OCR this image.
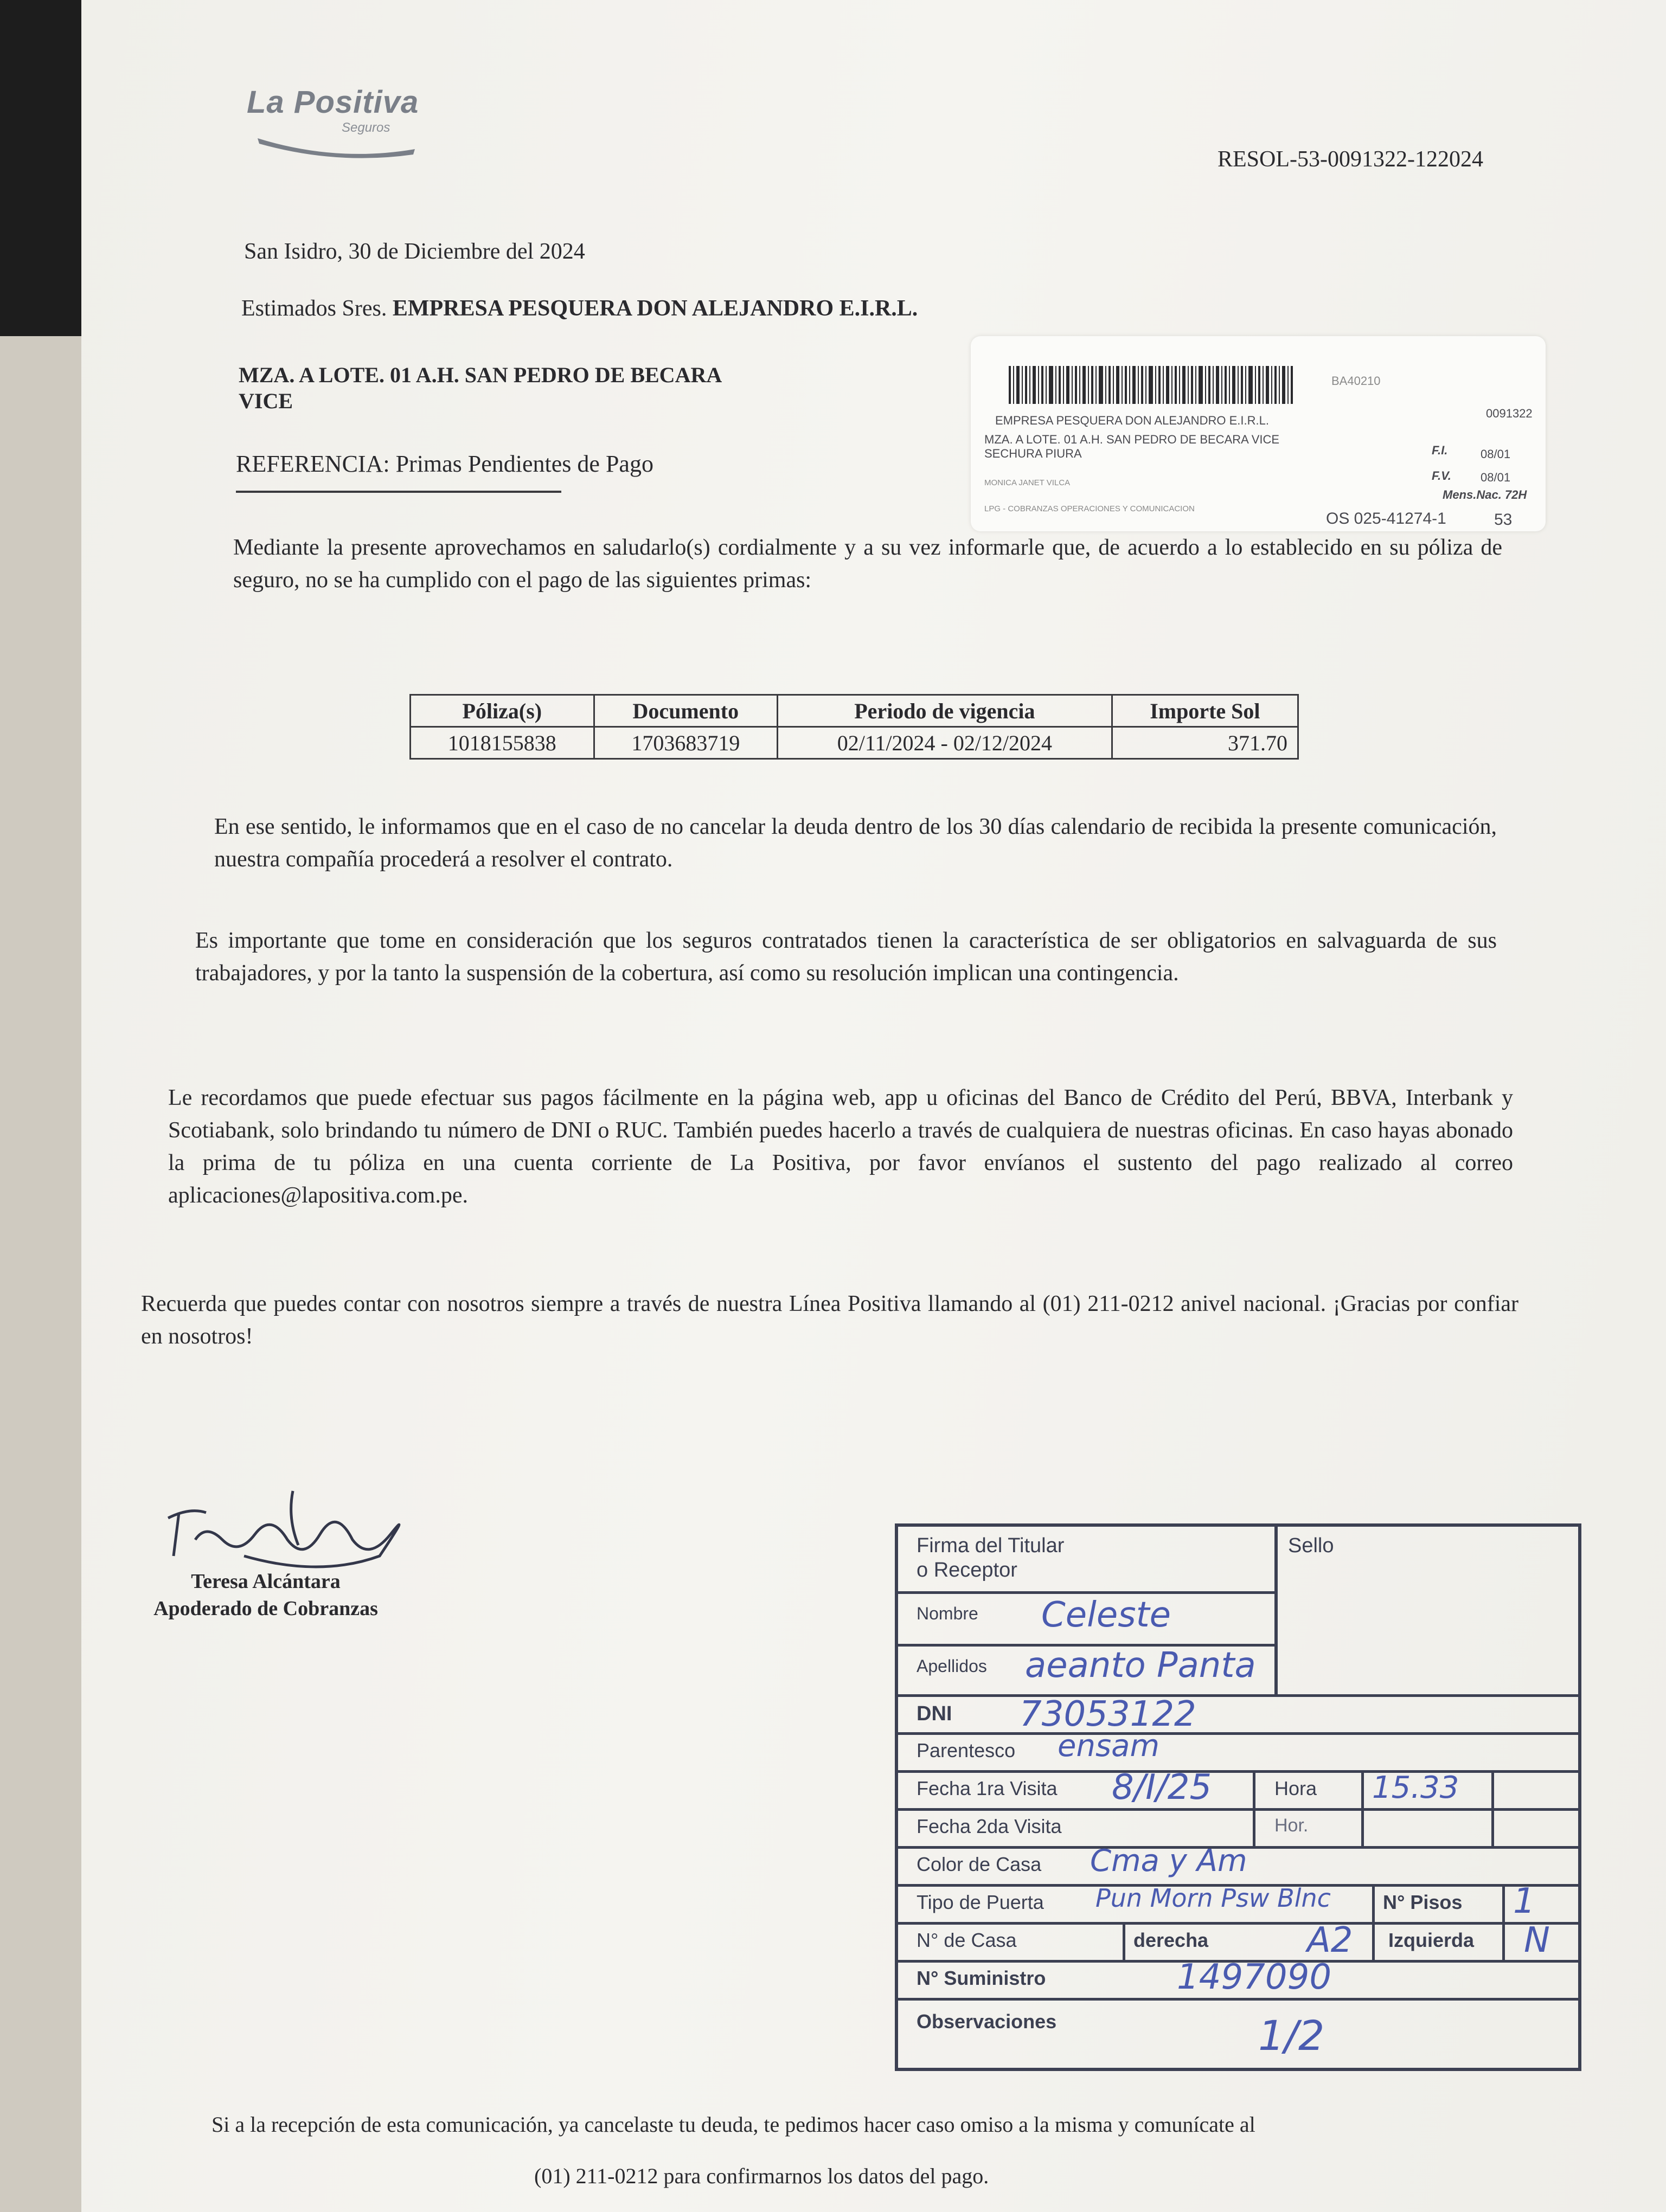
La Positiva
Seguros
RESOL-53-0091322-122024
San Isidro, 30 de Diciembre del 2024
Estimados Sres. EMPRESA PESQUERA DON ALEJANDRO E.I.R.L.
MZA. A LOTE. 01 A.H. SAN PEDRO DE BECARA
VICE
REFERENCIA: Primas Pendientes de Pago
BA40210
0091322
EMPRESA PESQUERA DON ALEJANDRO E.I.R.L.
MZA. A LOTE. 01 A.H. SAN PEDRO DE BECARA VICE
SECHURA PIURA	F.I.	08/01
F.V. 08/01
Mens.Nac. 72H
MONICA JANET VILCA
LPG - COBRANZAS OPERACIONES Y COMUNICACION
OS 025-41274-1	53
Mediante la presente aprovechamos en saludarlo(s) cordialmente y a su vez informarle que, de acuerdo a lo establecido en su póliza de seguro, no se ha cumplido con el pago de las siguientes primas:
Póliza(s)	Documento	Periodo de vigencia	Importe Sol
1018155838	1703683719	02/11/2024 - 02/12/2024	371.70
En ese sentido, le informamos que en el caso de no cancelar la deuda dentro de los 30 días calendario de recibida la presente comunicación, nuestra compañía procederá a resolver el contrato.
Es importante que tome en consideración que los seguros contratados tienen la característica de ser obligatorios en salvaguarda de sus trabajadores, y por la tanto la suspensión de la cobertura, así como su resolución implican una contingencia.
Le recordamos que puede efectuar sus pagos fácilmente en la página web, app u oficinas del Banco de Crédito del Perú, BBVA, Interbank y Scotiabank, solo brindando tu número de DNI o RUC. También puedes hacerlo a través de cualquiera de nuestras oficinas. En caso hayas abonado la prima de tu póliza en una cuenta corriente de La Positiva, por favor envíanos el sustento del pago realizado al correo aplicaciones@lapositiva.com.pe.
Recuerda que puedes contar con nosotros siempre a través de nuestra Línea Positiva llamando al (01) 211-0212 anivel nacional. ¡Gracias por confiar en nosotros!
Teresa Alcántara
Apoderado de Cobranzas
Firma del Titular
o Receptor
Sello
Nombre Celeste
Apellidos aeanto Panta
DNI 73053122
Parentesco ensam
Fecha 1ra Visita 8/I/25	Hora 15.33
Fecha 2da Visita	Hor.
Color de Casa Cma y Am
Tipo de Puerta Pun Morn Psw Blnc	N° Pisos 1
N° de Casa	derecha	A2 Izquierda N
N° Suministro	1497090
Observaciones	1/2
Si a la recepción de esta comunicación, ya cancelaste tu deuda, te pedimos hacer caso omiso a la misma y comunícate al
(01) 211-0212 para confirmarnos los datos del pago.
